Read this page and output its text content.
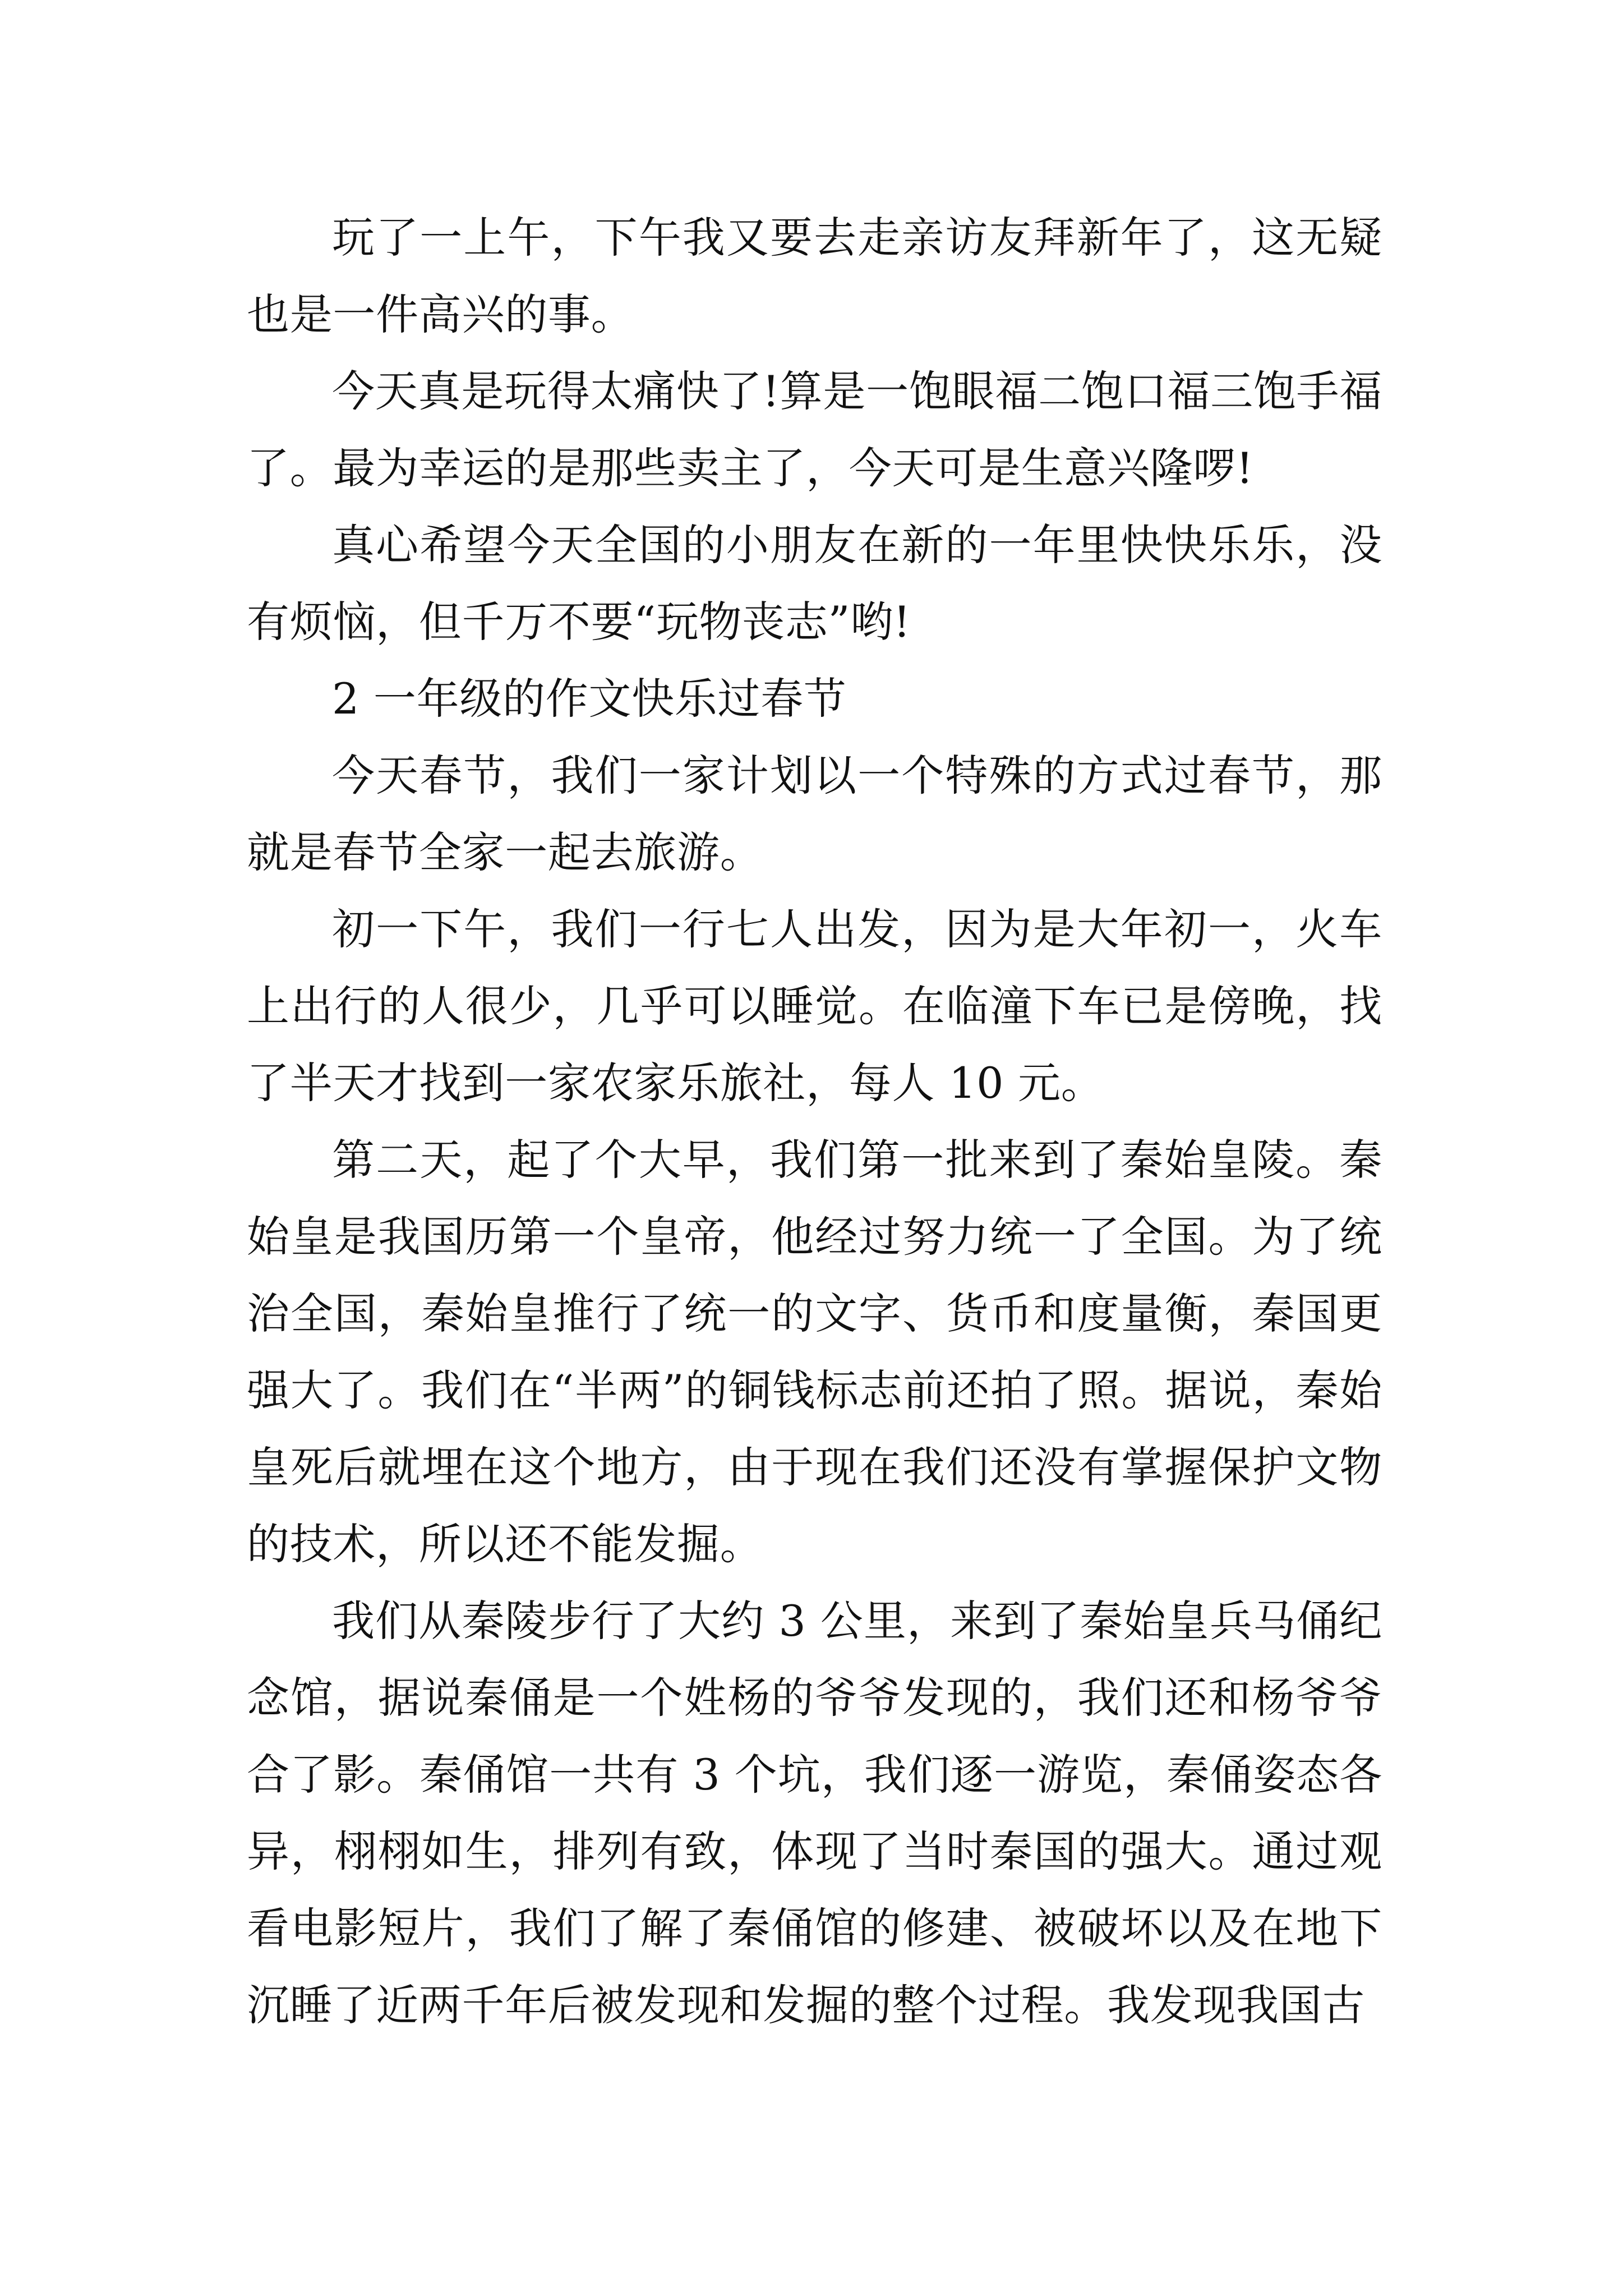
玩了一上午，下午我又要去走亲访友拜新年了，这无疑也是一件高兴的事。

今天真是玩得太痛快了!算是一饱眼福二饱口福三饱手福了。最为幸运的是那些卖主了，今天可是生意兴隆啰!

真心希望今天全国的小朋友在新的一年里快快乐乐，没有烦恼，但千万不要“玩物丧志”哟!

2 一年级的作文快乐过春节

今天春节，我们一家计划以一个特殊的方式过春节，那就是春节全家一起去旅游。

初一下午，我们一行七人出发，因为是大年初一，火车上出行的人很少，几乎可以睡觉。在临潼下车已是傍晚，找了半天才找到一家农家乐旅社，每人 10 元。

第二天，起了个大早，我们第一批来到了秦始皇陵。秦始皇是我国历第一个皇帝，他经过努力统一了全国。为了统治全国，秦始皇推行了统一的文字、货币和度量衡，秦国更强大了。我们在“半两”的铜钱标志前还拍了照。据说，秦始皇死后就埋在这个地方，由于现在我们还没有掌握保护文物的技术，所以还不能发掘。

我们从秦陵步行了大约 3 公里，来到了秦始皇兵马俑纪念馆，据说秦俑是一个姓杨的爷爷发现的，我们还和杨爷爷合了影。秦俑馆一共有 3 个坑，我们逐一游览，秦俑姿态各异，栩栩如生，排列有致，体现了当时秦国的强大。通过观看电影短片，我们了解了秦俑馆的修建、被破坏以及在地下沉睡了近两千年后被发现和发掘的整个过程。我发现我国古
